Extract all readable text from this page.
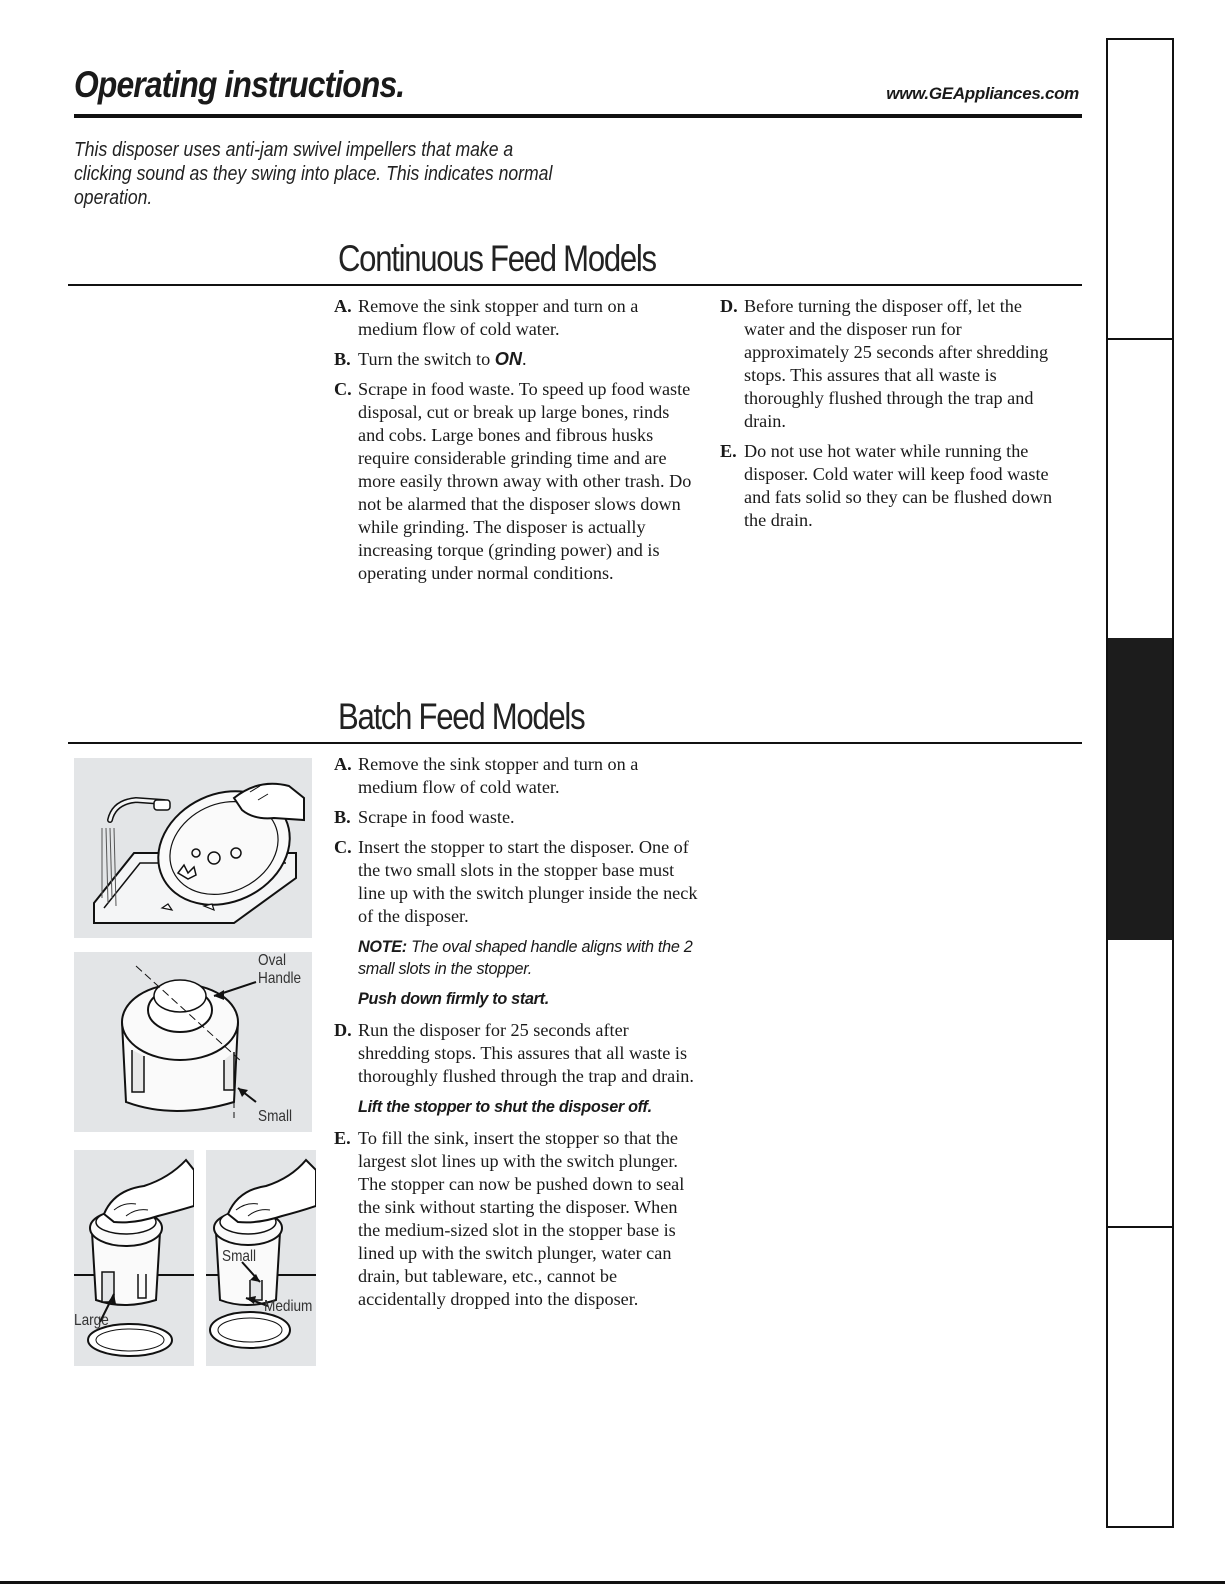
Operating instructions.	www.GEAppliances.com
This disposer uses anti-jam swivel impellers that make a clicking sound as they swing into place. This indicates normal operation.
Continuous Feed Models
A. Remove the sink stopper and turn on a medium flow of cold water.
B. Turn the switch to ON.
C. Scrape in food waste. To speed up food waste disposal, cut or break up large bones, rinds and cobs. Large bones and fibrous husks require considerable grinding time and are more easily thrown away with other trash. Do not be alarmed that the disposer slows down while grinding. The disposer is actually increasing torque (grinding power) and is operating under normal conditions.
D. Before turning the disposer off, let the water and the disposer run for approximately 25 seconds after shredding stops. This assures that all waste is thoroughly flushed through the trap and drain.
E. Do not use hot water while running the disposer. Cold water will keep food waste and fats solid so they can be flushed down the drain.
Batch Feed Models
A. Remove the sink stopper and turn on a medium flow of cold water.
B. Scrape in food waste.
C. Insert the stopper to start the disposer. One of the two small slots in the stopper base must line up with the switch plunger inside the neck of the disposer.
NOTE: The oval shaped handle aligns with the 2 small slots in the stopper.
Push down firmly to start.
D. Run the disposer for 25 seconds after shredding stops. This assures that all waste is thoroughly flushed through the trap and drain.
Lift the stopper to shut the disposer off.
E. To fill the sink, insert the stopper so that the largest slot lines up with the switch plunger. The stopper can now be pushed down to seal the sink without starting the disposer. When the medium-sized slot in the stopper base is lined up with the switch plunger, water can drain, but tableware, etc., cannot be accidentally dropped into the disposer.
Oval
Handle
Small
Large
Small
Medium
